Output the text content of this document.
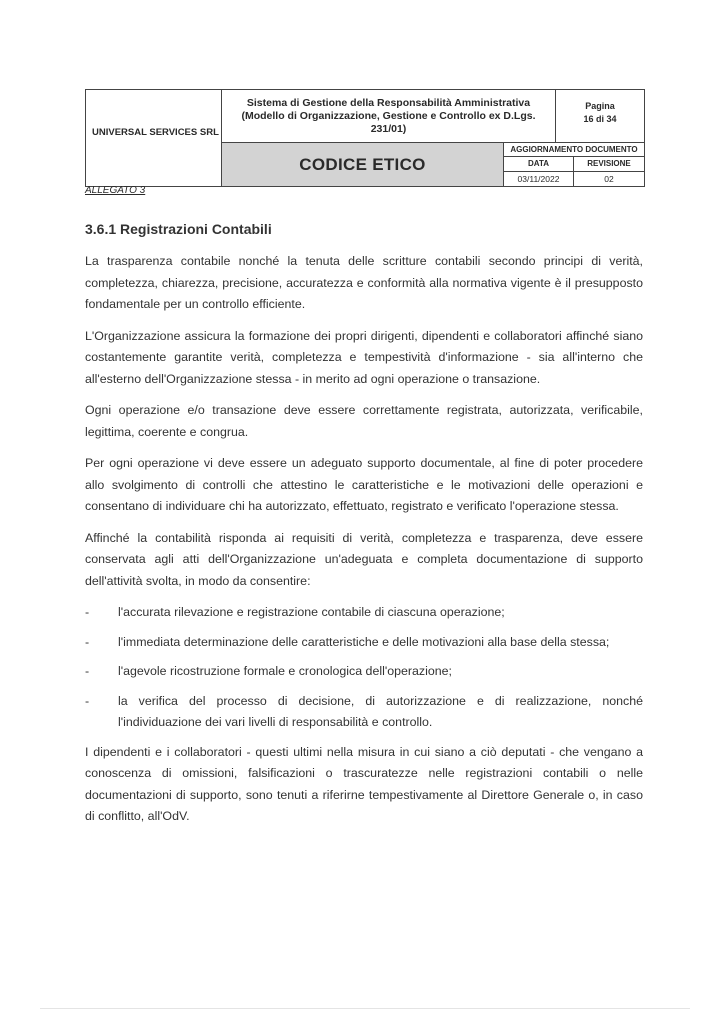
UNIVERSAL SERVICES SRL
Sistema di Gestione della Responsabilità Amministrativa
(Modello di Organizzazione, Gestione e Controllo ex D.Lgs.
231/01)
Pagina
16 di 34
CODICE ETICO
AGGIORNAMENTO DOCUMENTO
DATA	REVISIONE
03/11/2022	02
ALLEGATO 3
3.6.1 Registrazioni Contabili

La trasparenza contabile nonché la tenuta delle scritture contabili secondo principi di verità, completezza, chiarezza, precisione, accuratezza e conformità alla normativa vigente è il presupposto fondamentale per un controllo efficiente.

L'Organizzazione assicura la formazione dei propri dirigenti, dipendenti e collaboratori affinché siano costantemente garantite verità, completezza e tempestività d'informazione - sia all'interno che all'esterno dell'Organizzazione stessa - in merito ad ogni operazione o transazione.

Ogni operazione e/o transazione deve essere correttamente registrata, autorizzata, verificabile, legittima, coerente e congrua.

Per ogni operazione vi deve essere un adeguato supporto documentale, al fine di poter procedere allo svolgimento di controlli che attestino le caratteristiche e le motivazioni delle operazioni e consentano di individuare chi ha autorizzato, effettuato, registrato e verificato l'operazione stessa.

Affinché la contabilità risponda ai requisiti di verità, completezza e trasparenza, deve essere conservata agli atti dell'Organizzazione un'adeguata e completa documentazione di supporto dell'attività svolta, in modo da consentire:

-	l'accurata rilevazione e registrazione contabile di ciascuna operazione;
-	l'immediata determinazione delle caratteristiche e delle motivazioni alla base della stessa;
-	l'agevole ricostruzione formale e cronologica dell'operazione;
-	la verifica del processo di decisione, di autorizzazione e di realizzazione, nonché l'individuazione dei vari livelli di responsabilità e controllo.

I dipendenti e i collaboratori - questi ultimi nella misura in cui siano a ciò deputati - che vengano a conoscenza di omissioni, falsificazioni o trascuratezze nelle registrazioni contabili o nelle documentazioni di supporto, sono tenuti a riferirne tempestivamente al Direttore Generale o, in caso di conflitto, all'OdV.
